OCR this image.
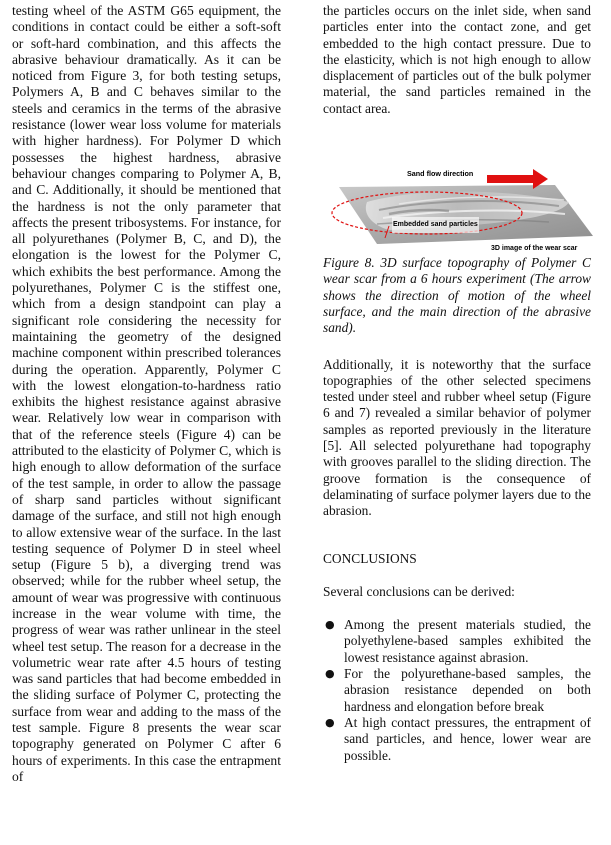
testing wheel of the ASTM G65 equipment, the conditions in contact could be either a soft-soft or soft-hard combination, and this affects the abrasive behaviour dramatically. As it can be noticed from Figure 3, for both testing setups, Polymers A, B and C behaves similar to the steels and ceramics in the terms of the abrasive resistance (lower wear loss volume for materials with higher hardness). For Polymer D which possesses the highest hardness, abrasive behaviour changes comparing to Polymer A, B, and C. Additionally, it should be mentioned that the hardness is not the only parameter that affects the present tribosystems. For instance, for all polyurethanes (Polymer B, C, and D), the elongation is the lowest for the Polymer C, which exhibits the best performance. Among the polyurethanes, Polymer C is the stiffest one, which from a design standpoint can play a significant role considering the necessity for maintaining the geometry of the designed machine component within prescribed tolerances during the operation. Apparently, Polymer C with the lowest elongation-to-hardness ratio exhibits the highest resistance against abrasive wear. Relatively low wear in comparison with that of the reference steels (Figure 4) can be attributed to the elasticity of Polymer C, which is high enough to allow deformation of the surface of the test sample, in order to allow the passage of sharp sand particles without significant damage of the surface, and still not high enough to allow extensive wear of the surface. In the last testing sequence of Polymer D in steel wheel setup (Figure 5 b), a diverging trend was observed; while for the rubber wheel setup, the amount of wear was progressive with continuous increase in the wear volume with time, the progress of wear was rather unlinear in the steel wheel test setup. The reason for a decrease in the volumetric wear rate after 4.5 hours of testing was sand particles that had become embedded in the sliding surface of Polymer C, protecting the surface from wear and adding to the mass of the test sample. Figure 8 presents the wear scar topography generated on Polymer C after 6 hours of experiments. In this case the entrapment of

the particles occurs on the inlet side, when sand particles enter into the contact zone, and get embedded to the high contact pressure. Due to the elasticity, which is not high enough to allow displacement of particles out of the bulk polymer material, the sand particles remained in the contact area.

Sand flow direction
Embedded sand particles
3D image of the wear scar

Figure 8. 3D surface topography of Polymer C wear scar from a 6 hours experiment (The arrow shows the direction of motion of the wheel surface, and the main direction of the abrasive sand).

Additionally, it is noteworthy that the surface topographies of the other selected specimens tested under steel and rubber wheel setup (Figure 6 and 7) revealed a similar behavior of polymer samples as reported previously in the literature [5]. All selected polyurethane had topography with grooves parallel to the sliding direction. The groove formation is the consequence of delaminating of surface polymer layers due to the abrasion.

CONCLUSIONS

Several conclusions can be derived:

● Among the present materials studied, the polyethylene-based samples exhibited the lowest resistance against abrasion.
● For the polyurethane-based samples, the abrasion resistance depended on both hardness and elongation before break
● At high contact pressures, the entrapment of sand particles, and hence, lower wear are possible.
